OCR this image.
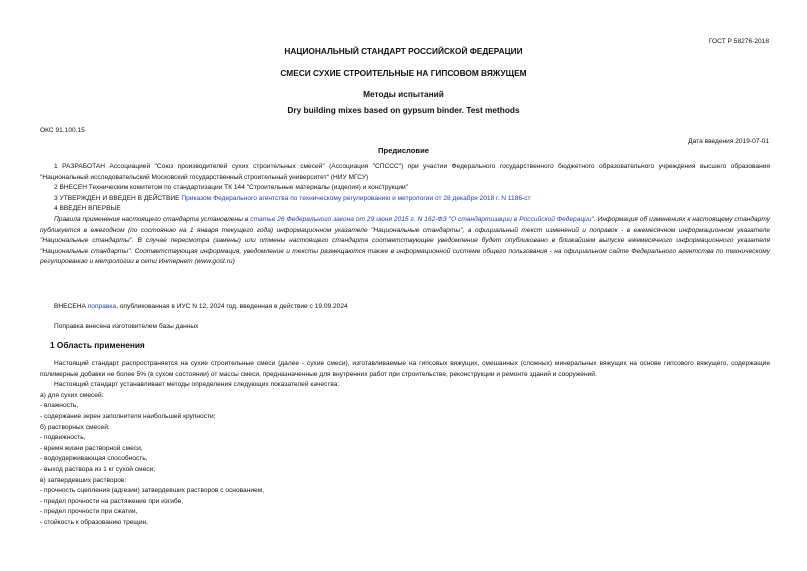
ГОСТ Р 58276-2018
НАЦИОНАЛЬНЫЙ СТАНДАРТ РОССИЙСКОЙ ФЕДЕРАЦИИ
СМЕСИ СУХИЕ СТРОИТЕЛЬНЫЕ НА ГИПСОВОМ ВЯЖУЩЕМ
Методы испытаний
Dry building mixes based on gypsum binder. Test methods
ОКС 91.100.15
Дата введения 2019-07-01
Предисловие

1 РАЗРАБОТАН Ассоциацией "Союз производителей сухих строительных смесей" (Ассоциация "СПССС") при участии Федерального государственного бюджетного образовательного учреждения высшего образования "Национальный исследовательский Московский государственный строительный университет" (НИУ МГСУ)

2 ВНЕСЕН Техническим комитетом по стандартизации ТК 144 "Строительные материалы (изделия) и конструкции"

3 УТВЕРЖДЕН И ВВЕДЕН В ДЕЙСТВИЕ Приказом Федерального агентства по техническому регулированию и метрологии от 28 декабря 2018 г. N 1186-ст

4 ВВЕДЕН ВПЕРВЫЕ

Правила применения настоящего стандарта установлены в статье 26 Федерального закона от 29 июня 2015 г. N 162-ФЗ "О стандартизации в Российской Федерации". Информация об изменениях к настоящему стандарту публикуется в ежегодном (по состоянию на 1 января текущего года) информационном указателе "Национальные стандарты", а официальный текст изменений и поправок - в ежемесячном информационном указателе "Национальные стандарты". В случае пересмотра (замены) или отмены настоящего стандарта соответствующее уведомление будет опубликовано в ближайшем выпуске ежемесячного информационного указателя "Национальные стандарты". Соответствующая информация, уведомление и тексты размещаются также в информационной системе общего пользования - на официальном сайте Федерального агентства по техническому регулированию и метрологии в сети Интернет (www.gost.ru)

ВНЕСЕНА поправка, опубликованная в ИУС N 12, 2024 год, введенная в действие с 19.09.2024

Поправка внесена изготовителем базы данных

1 Область применения

Настоящий стандарт распространяется на сухие строительные смеси (далее - сухие смеси), изготавливаемые на гипсовых вяжущих, смешанных (сложных) минеральных вяжущих на основе гипсового вяжущего, содержащие полимерные добавки не более 5% (в сухом состоянии) от массы смеси, предназначенные для внутренних работ при строительстве, реконструкции и ремонте зданий и сооружений.

Настоящий стандарт устанавливает методы определения следующих показателей качества:

а) для сухих смесей:

- влажность,

- содержание зерен заполнителя наибольшей крупности;

б) растворных смесей:

- подвижность,

- время жизни растворной смеси,

- водоудерживающая способность,

- выход раствора из 1 кг сухой смеси;

в) затвердевших растворов:

- прочность сцепления (адгезии) затвердевших растворов с основанием,

- предел прочности на растяжение при изгибе,

- предел прочности при сжатии,

- стойкость к образованию трещин,
